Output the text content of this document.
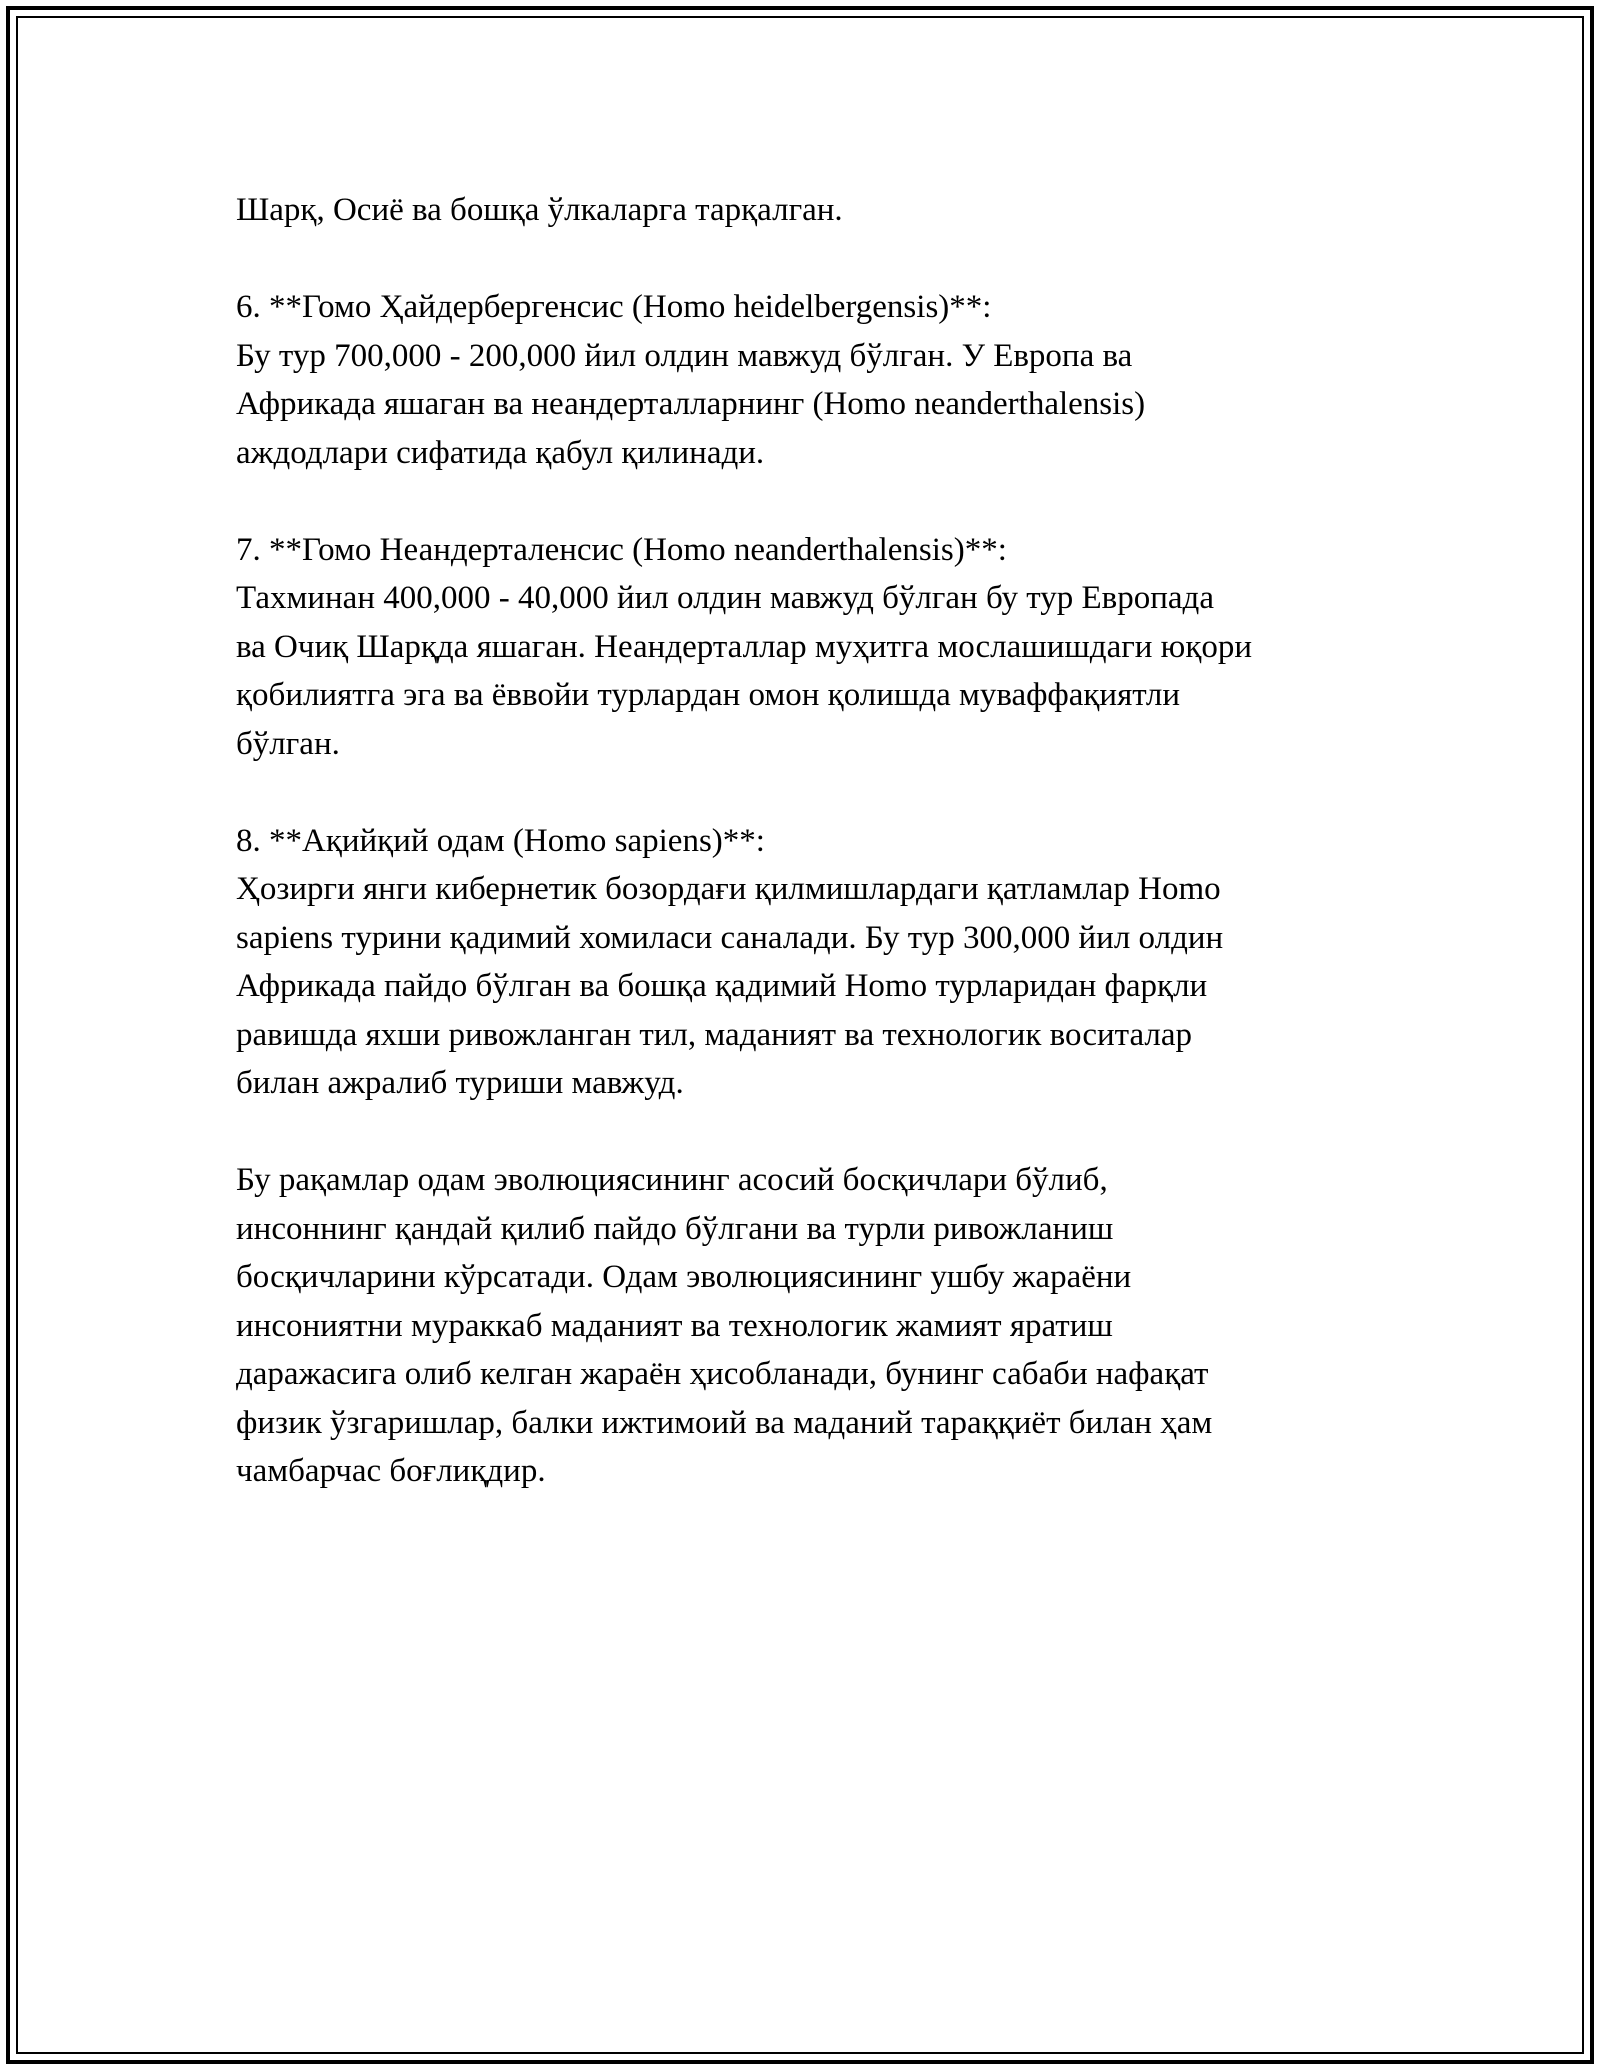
Шарқ, Осиё ва бошқа ўлкаларга тарқалган.

6. **Гомо Ҳайдербергенсис (Homo heidelbergensis)**:
Бу тур 700,000 - 200,000 йил олдин мавжуд бўлган. У Европа ва
Африкада яшаган ва неандерталларнинг (Homo neanderthalensis)
аждодлари сифатида қабул қилинади.

7. **Гомо Неандерталенсис (Homo neanderthalensis)**:
Тахминан 400,000 - 40,000 йил олдин мавжуд бўлган бу тур Европада
ва Очиқ Шарқда яшаган. Неандерталлар муҳитга мослашишдаги юқори
қобилиятга эга ва ёввойи турлардан омон қолишда муваффақиятли
бўлган.

8. **Ақийқий одам (Homo sapiens)**:
Ҳозирги янги кибернетик бозордағи қилмишлардаги қатламлар Homo
sapiens турини қадимий хомиласи саналади. Бу тур 300,000 йил олдин
Африкада пайдо бўлган ва бошқа қадимий Homo турларидан фарқли
равишда яхши ривожланган тил, маданият ва технологик воситалар
билан ажралиб туриши мавжуд.

Бу рақамлар одам эволюциясининг асосий босқичлари бўлиб,
инсоннинг қандай қилиб пайдо бўлгани ва турли ривожланиш
босқичларини кўрсатади. Одам эволюциясининг ушбу жараёни
инсониятни мураккаб маданият ва технологик жамият яратиш
даражасига олиб келган жараён ҳисобланади, бунинг сабаби нафақат
физик ўзгаришлар, балки ижтимоий ва маданий тараққиёт билан ҳам
чамбарчас боғлиқдир.
